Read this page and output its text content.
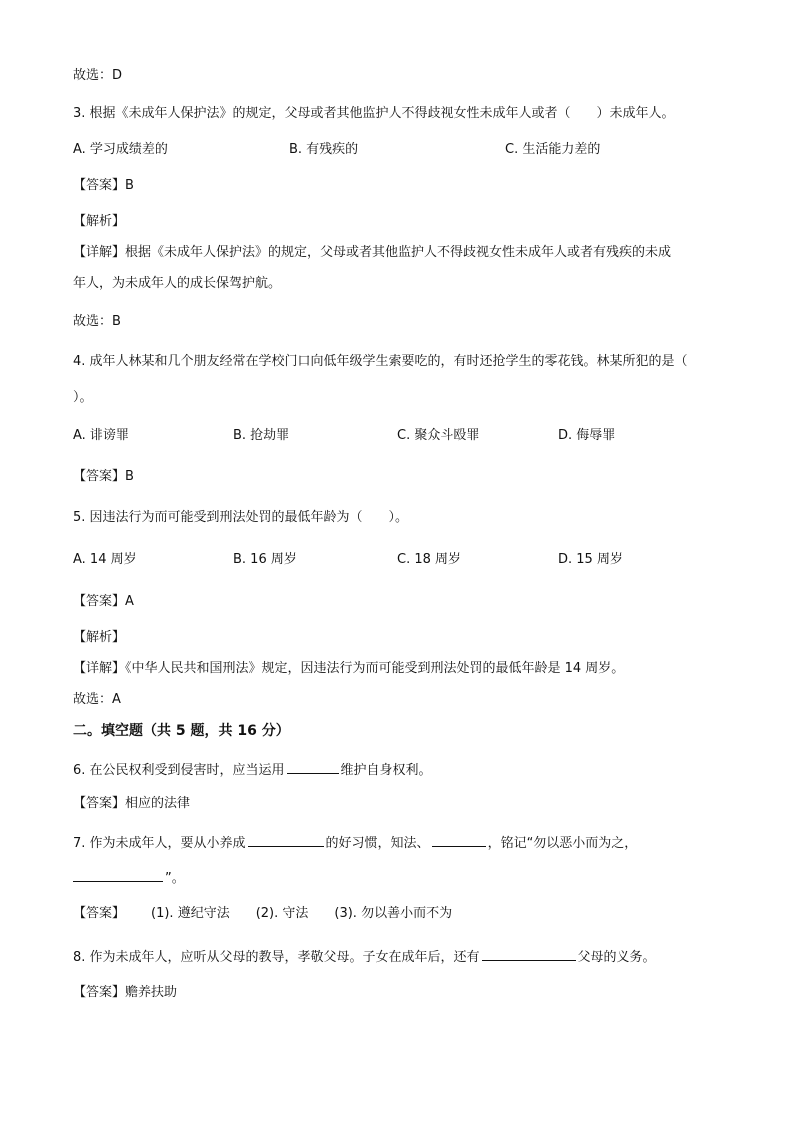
故选：D
3. 根据《未成年人保护法》的规定，父母或者其他监护人不得歧视女性未成年人或者（　　）未成年人。
A. 学习成绩差的	B. 有残疾的	C. 生活能力差的
【答案】B
【解析】
【详解】根据《未成年人保护法》的规定，父母或者其他监护人不得歧视女性未成年人或者有残疾的未成
年人，为未成年人的成长保驾护航。
故选：B
4. 成年人林某和几个朋友经常在学校门口向低年级学生索要吃的，有时还抢学生的零花钱。林某所犯的是（
）。
A. 诽谤罪	B. 抢劫罪	C. 聚众斗殴罪	D. 侮辱罪
【答案】B
5. 因违法行为而可能受到刑法处罚的最低年龄为（　　）。
A. 14 周岁	B. 16 周岁	C. 18 周岁	D. 15 周岁
【答案】A
【解析】
【详解】《中华人民共和国刑法》规定，因违法行为而可能受到刑法处罚的最低年龄是 14 周岁。
故选：A
二。填空题（共 5 题，共 16 分）
6. 在公民权利受到侵害时，应当运用	维护自身权利。
【答案】相应的法律
7. 作为未成年人，要从小养成	的好习惯，知法、	，铭记“勿以恶小而为之，
”。
【答案】 (1). 遵纪守法 (2). 守法 (3). 勿以善小而不为
8. 作为未成年人，应听从父母的教导，孝敬父母。子女在成年后，还有	父母的义务。
【答案】赡养扶助
